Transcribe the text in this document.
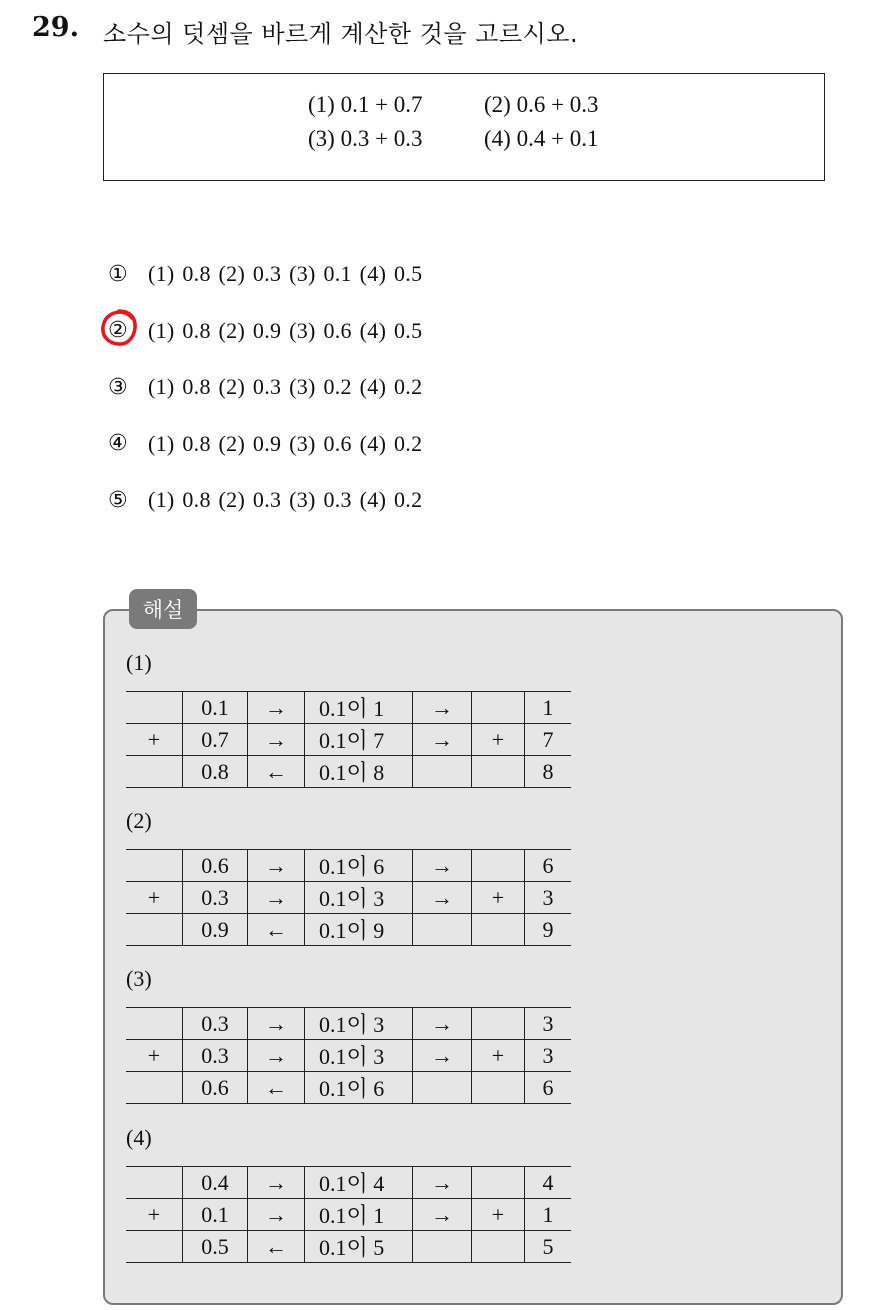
29. 소수의 덧셈을 바르게 계산한 것을 고르시오.
(1) 0.1 + 0.7	(2) 0.6 + 0.3
(3) 0.3 + 0.3	(4) 0.4 + 0.1
① (1) 0.8 (2) 0.3 (3) 0.1 (4) 0.5
② (1) 0.8 (2) 0.9 (3) 0.6 (4) 0.5
③ (1) 0.8 (2) 0.3 (3) 0.2 (4) 0.2
④ (1) 0.8 (2) 0.9 (3) 0.6 (4) 0.2
⑤ (1) 0.8 (2) 0.3 (3) 0.3 (4) 0.2
해설
(1)
	0.1	→	0.1이 1	→		1
+	0.7	→	0.1이 7	→	+	7
	0.8	←	0.1이 8			8
(2)
	0.6	→	0.1이 6	→		6
+	0.3	→	0.1이 3	→	+	3
	0.9	←	0.1이 9			9
(3)
	0.3	→	0.1이 3	→		3
+	0.3	→	0.1이 3	→	+	3
	0.6	←	0.1이 6			6
(4)
	0.4	→	0.1이 4	→		4
+	0.1	→	0.1이 1	→	+	1
	0.5	←	0.1이 5			5
